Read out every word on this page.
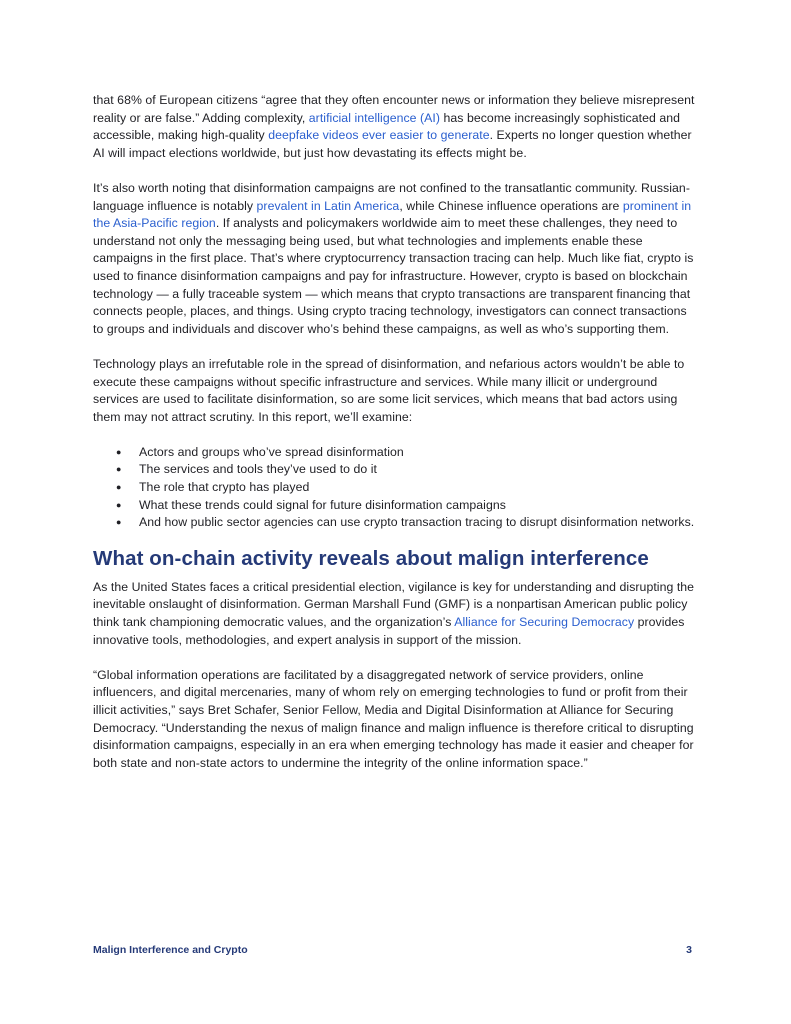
that 68% of European citizens “agree that they often encounter news or information they believe misrepresent reality or are false.” Adding complexity, artificial intelligence (AI) has become increasingly sophisticated and accessible, making high-quality deepfake videos ever easier to generate. Experts no longer question whether AI will impact elections worldwide, but just how devastating its effects might be.

It’s also worth noting that disinformation campaigns are not confined to the transatlantic community. Russian-language influence is notably prevalent in Latin America, while Chinese influence operations are prominent in the Asia-Pacific region. If analysts and policymakers worldwide aim to meet these challenges, they need to understand not only the messaging being used, but what technologies and implements enable these campaigns in the first place. That’s where cryptocurrency transaction tracing can help. Much like fiat, crypto is used to finance disinformation campaigns and pay for infrastructure. However, crypto is based on blockchain technology — a fully traceable system — which means that crypto transactions are transparent financing that connects people, places, and things. Using crypto tracing technology, investigators can connect transactions to groups and individuals and discover who’s behind these campaigns, as well as who’s supporting them.

Technology plays an irrefutable role in the spread of disinformation, and nefarious actors wouldn’t be able to execute these campaigns without specific infrastructure and services. While many illicit or underground services are used to facilitate disinformation, so are some licit services, which means that bad actors using them may not attract scrutiny. In this report, we’ll examine:

● Actors and groups who’ve spread disinformation
● The services and tools they’ve used to do it
● The role that crypto has played
● What these trends could signal for future disinformation campaigns
● And how public sector agencies can use crypto transaction tracing to disrupt disinformation networks.
What on-chain activity reveals about malign interference

As the United States faces a critical presidential election, vigilance is key for understanding and disrupting the inevitable onslaught of disinformation. German Marshall Fund (GMF) is a nonpartisan American public policy think tank championing democratic values, and the organization’s Alliance for Securing Democracy provides innovative tools, methodologies, and expert analysis in support of the mission.

“Global information operations are facilitated by a disaggregated network of service providers, online influencers, and digital mercenaries, many of whom rely on emerging technologies to fund or profit from their illicit activities,” says Bret Schafer, Senior Fellow, Media and Digital Disinformation at Alliance for Securing Democracy. “Understanding the nexus of malign finance and malign influence is therefore critical to disrupting disinformation campaigns, especially in an era when emerging technology has made it easier and cheaper for both state and non-state actors to undermine the integrity of the online information space.”

Malign Interference and Crypto	3
